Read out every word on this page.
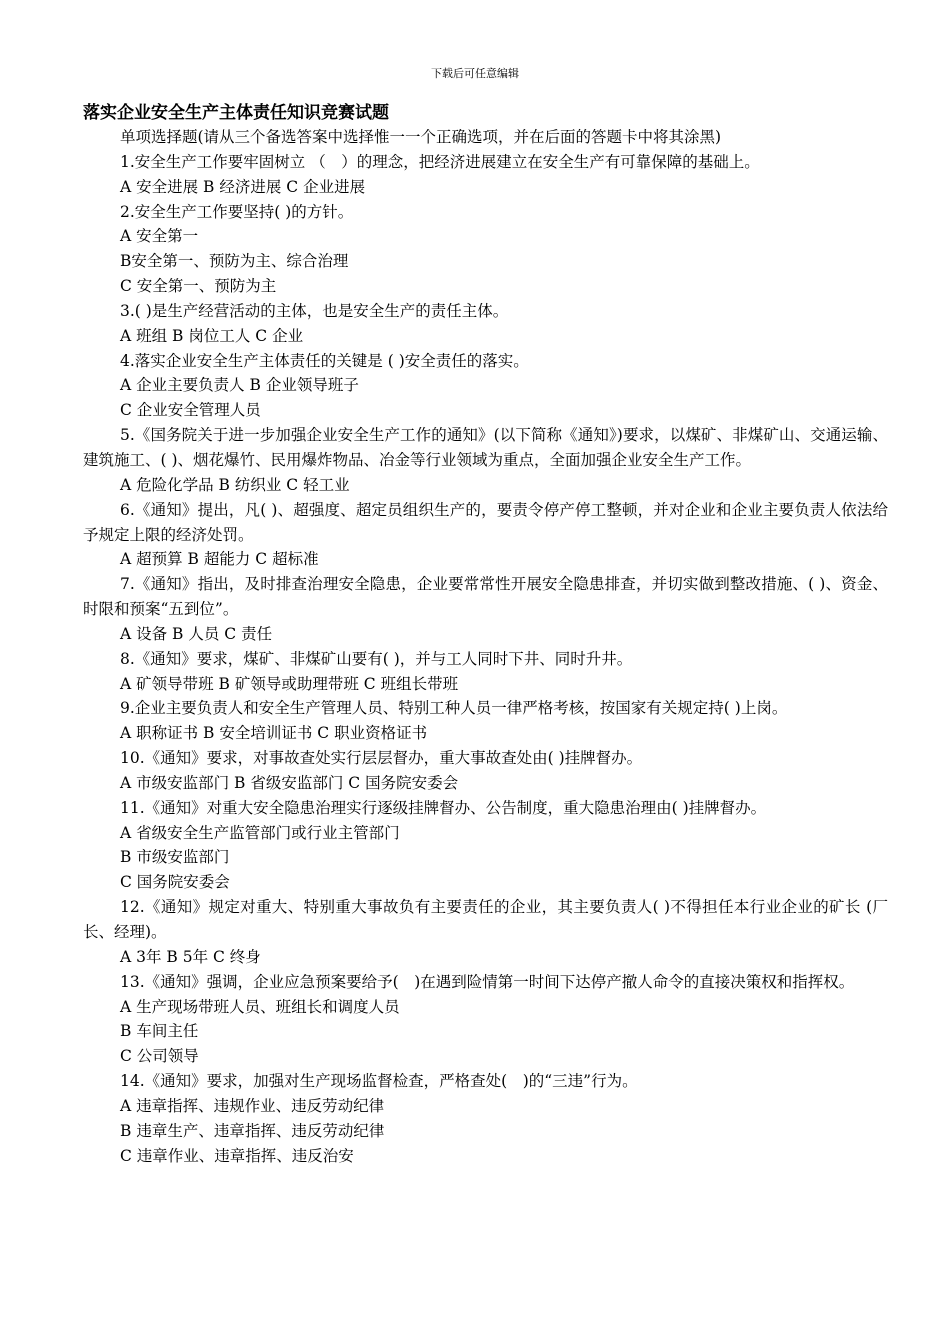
下载后可任意编辑
落实企业安全生产主体责任知识竞赛试题

单项选择题(请从三个备选答案中选择惟一一个正确选项，并在后面的答题卡中将其涂黑)

1.安全生产工作要牢固树立 （　）的理念，把经济进展建立在安全生产有可靠保障的基础上。

A 安全进展 B 经济进展 C 企业进展

2.安全生产工作要坚持( )的方针。

A 安全第一

B安全第一、预防为主、综合治理

C 安全第一、预防为主

3.( )是生产经营活动的主体，也是安全生产的责任主体。

A 班组 B 岗位工人 C 企业

4.落实企业安全生产主体责任的关键是 ( )安全责任的落实。

A 企业主要负责人 B 企业领导班子

C 企业安全管理人员

5.《国务院关于进一步加强企业安全生产工作的通知》(以下简称《通知》)要求，以煤矿、非煤矿山、交通运输、建筑施工、( )、烟花爆竹、民用爆炸物品、冶金等行业领域为重点，全面加强企业安全生产工作。

A 危险化学品 B 纺织业 C 轻工业

6.《通知》提出，凡( )、超强度、超定员组织生产的，要责令停产停工整顿，并对企业和企业主要负责人依法给予规定上限的经济处罚。

A 超预算 B 超能力 C 超标准

7.《通知》指出，及时排查治理安全隐患，企业要常常性开展安全隐患排查，并切实做到整改措施、( )、资金、时限和预案“五到位”。

A 设备 B 人员 C 责任

8.《通知》要求，煤矿、非煤矿山要有( )，并与工人同时下井、同时升井。

A 矿领导带班 B 矿领导或助理带班 C 班组长带班

9.企业主要负责人和安全生产管理人员、特别工种人员一律严格考核，按国家有关规定持( )上岗。

A 职称证书 B 安全培训证书 C 职业资格证书

10.《通知》要求，对事故查处实行层层督办，重大事故查处由( )挂牌督办。

A 市级安监部门 B 省级安监部门 C 国务院安委会

11.《通知》对重大安全隐患治理实行逐级挂牌督办、公告制度，重大隐患治理由( )挂牌督办。

A 省级安全生产监管部门或行业主管部门

B 市级安监部门

C 国务院安委会

12.《通知》规定对重大、特别重大事故负有主要责任的企业，其主要负责人( )不得担任本行业企业的矿长 (厂长、经理)。

A 3年 B 5年 C 终身

13.《通知》强调，企业应急预案要给予(　)在遇到险情第一时间下达停产撤人命令的直接决策权和指挥权。

A 生产现场带班人员、班组长和调度人员

B 车间主任

C 公司领导

14.《通知》要求，加强对生产现场监督检查，严格查处(　)的“三违”行为。

A 违章指挥、违规作业、违反劳动纪律

B 违章生产、违章指挥、违反劳动纪律

C 违章作业、违章指挥、违反治安
